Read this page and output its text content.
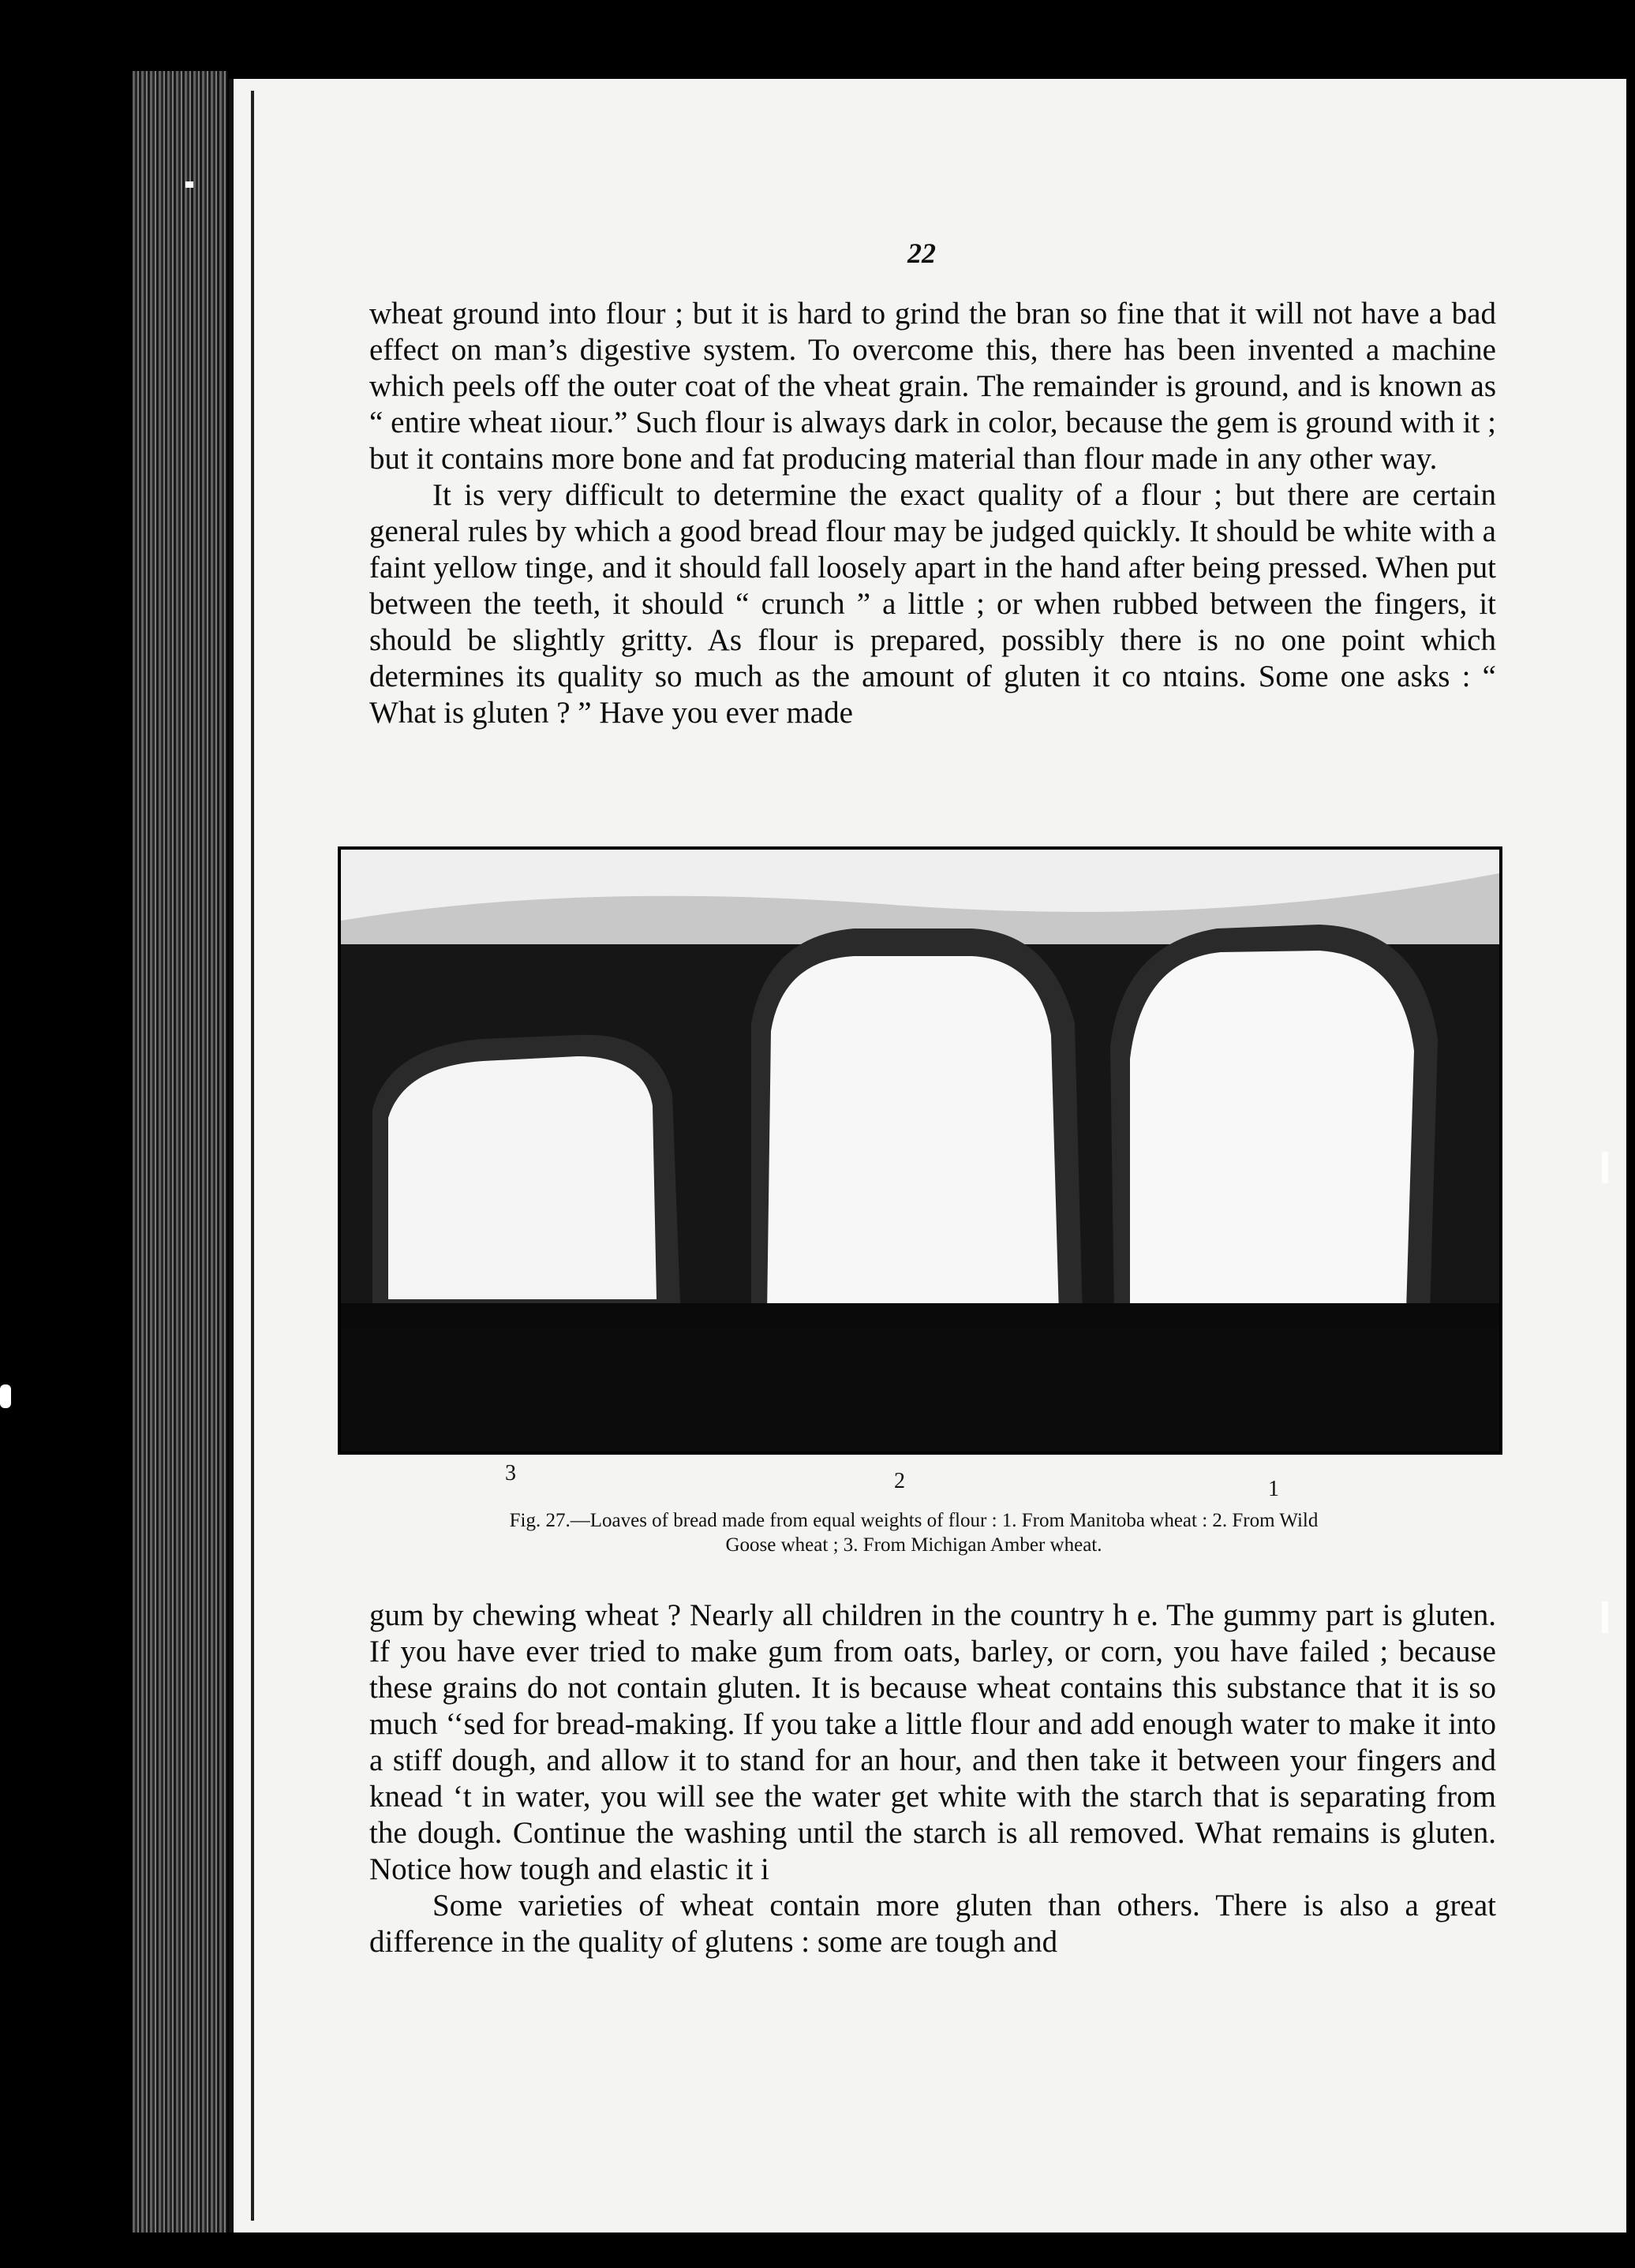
22

wheat ground into flour ; but it is hard to grind the bran so fine that it will not have a bad effect on man’s digestive system. To overcome this, there has been invented a machine which peels off the outer coat of the vheat grain. The remainder is ground, and is known as “ entire wheat ıiour.” Such flour is always dark in color, because the gem is ground with it ; but it contains more bone and fat producing material than flour made in any other way.

It is very difficult to determine the exact quality of a flour ; but there are certain general rules by which a good bread flour may be judged quickly. It should be white with a faint yellow tinge, and it should fall loosely apart in the hand after being pressed. When put between the teeth, it should “ crunch ” a little ; or when rubbed between the fingers, it should be slightly gritty. As flour is prepared, possibly there is no one point which determines its quality so much as the amount of gluten it co ntɑins. Some one asks : “ What is gluten ? ” Have you ever made

3	2	1
Fig. 27.—Loaves of bread made from equal weights of flour : 1. From Manitoba wheat : 2. From Wild
Goose wheat ; 3. From Michigan Amber wheat.

gum by chewing wheat ? Nearly all children in the country h e. The gummy part is gluten. If you have ever tried to make gum from oats, barley, or corn, you have failed ; because these grains do not contain gluten. It is because wheat contains this substance that it is so much ‘‘sed for bread-making. If you take a little flour and add enough water to make it into a stiff dough, and allow it to stand for an hour, and then take it between your fingers and knead ‘t in water, you will see the water get white with the starch that is separating from the dough. Continue the washing until the starch is all removed. What remains is gluten. Notice how tough and elastic it i

Some varieties of wheat contain more gluten than others. There is also a great difference in the quality of glutens : some are tough and
